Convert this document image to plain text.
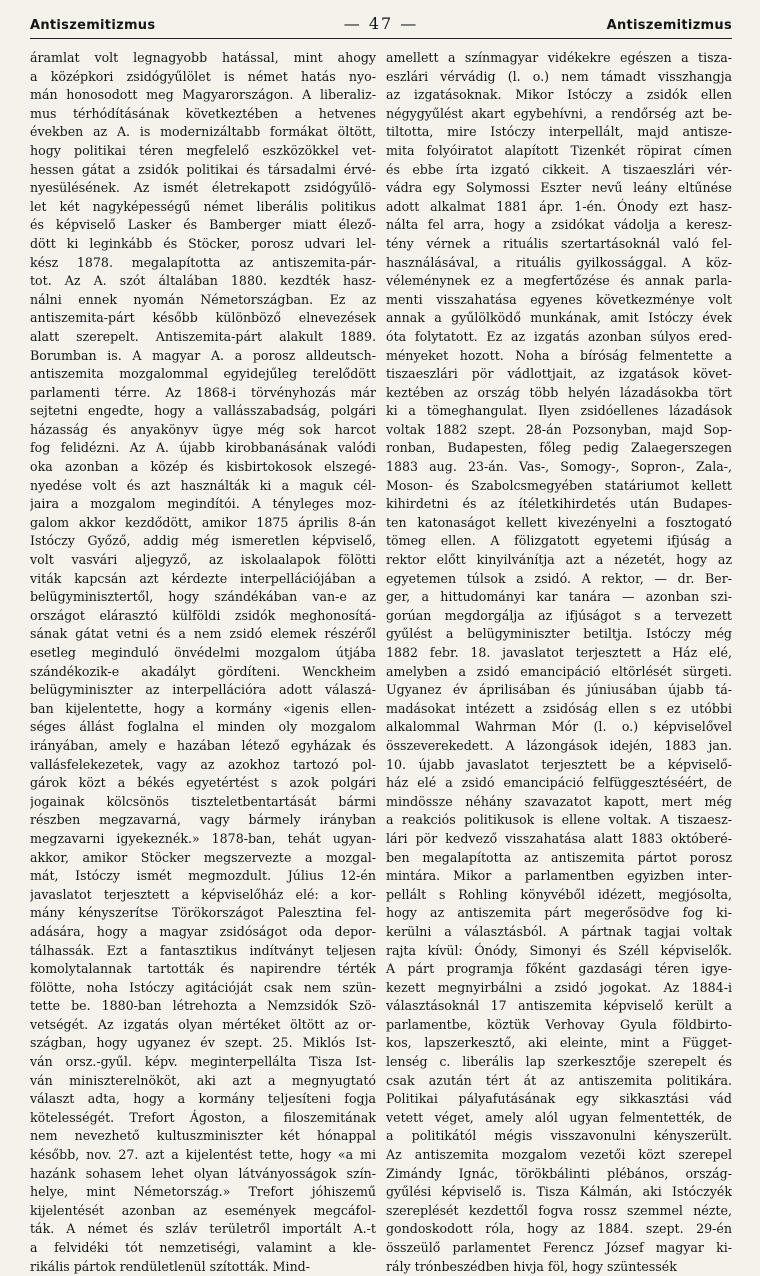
Antiszemitizmus	— 47 —	Antiszemitizmus
áramlat volt legnagyobb hatással, mint ahogy
a középkori zsidógyűlölet is német hatás nyo-
mán honosodott meg Magyarországon. A liberaliz-
mus térhódításának következtében a hetvenes
években az A. is modernizáltabb formákat öltött,
hogy politikai téren megfelelő eszközökkel vet-
hessen gátat a zsidók politikai és társadalmi érvé-
nyesülésének. Az ismét életrekapott zsidógyűlö-
let két nagyképességű német liberális politikus
és képviselő Lasker és Bamberger miatt élező-
dött ki leginkább és Stöcker, porosz udvari lel-
kész 1878. megalapította az antiszemita-pár-
tot. Az A. szót általában 1880. kezdték hasz-
nálni ennek nyomán Németországban. Ez az
antiszemita-párt később különböző elnevezések
alatt szerepelt. Antiszemita-párt alakult 1889.
Borumban is. A magyar A. a porosz alldeutsch-
antiszemita mozgalommal egyidejűleg terelődött
parlamenti térre. Az 1868-i törvényhozás már
sejtetni engedte, hogy a vallásszabadság, polgári
házasság és anyakönyv ügye még sok harcot
fog felidézni. Az A. újabb kirobbanásának valódi
oka azonban a közép és kisbirtokosok elszegé-
nyedése volt és azt használták ki a maguk cél-
jaira a mozgalom megindítói. A tényleges moz-
galom akkor kezdődött, amikor 1875 április 8-án
Istóczy Győző, addig még ismeretlen képviselő,
volt vasvári aljegyző, az iskolaalapok fölötti
viták kapcsán azt kérdezte interpellációjában a
belügyminisztertől, hogy szándékában van-e az
országot elárasztó külföldi zsidók meghonosítá-
sának gátat vetni és a nem zsidó elemek részéről
esetleg meginduló önvédelmi mozgalom útjába
szándékozik-e akadályt gördíteni. Wenckheim
belügyminiszter az interpellációra adott válaszá-
ban kijelentette, hogy a kormány «igenis ellen-
séges állást foglalna el minden oly mozgalom
irányában, amely e hazában létező egyházak és
vallásfelekezetek, vagy az azokhoz tartozó pol-
gárok közt a békés egyetértést s azok polgári
jogainak kölcsönös tiszteletbentartását bármi
részben megzavarná, vagy bármely irányban
megzavarni igyekeznék.» 1878-ban, tehát ugyan-
akkor, amikor Stöcker megszervezte a mozgal-
mát, Istóczy ismét megmozdult. Július 12-én
javaslatot terjesztett a képviselőház elé: a kor-
mány kényszerítse Törökországot Palesztina fel-
adására, hogy a magyar zsidóságot oda depor-
tálhassák. Ezt a fantasztikus indítványt teljesen
komolytalannak tartották és napirendre térték
fölötte, noha Istóczy agitációját csak nem szün-
tette be. 1880-ban létrehozta a Nemzsidók Szö-
vetségét. Az izgatás olyan mértéket öltött az or-
szágban, hogy ugyanez év szept. 25. Miklós Ist-
ván orsz.-gyűl. képv. meginterpellálta Tisza Ist-
ván miniszterelnököt, aki azt a megnyugtató
választ adta, hogy a kormány teljesíteni fogja
kötelességét. Trefort Ágoston, a filoszemitának
nem nevezhető kultuszminiszter két hónappal
később, nov. 27. azt a kijelentést tette, hogy «a mi
hazánk sohasem lehet olyan látványosságok szín-
helye, mint Németország.» Trefort jóhiszemű
kijelentését azonban az események megcáfol-
ták. A német és szláv területről importált A.-t
a felvidéki tót nemzetiségi, valamint a kle-
rikális pártok rendületlenül szították. Mind-
amellett a színmagyar vidékekre egészen a tisza-
eszlári vérvádig (l. o.) nem támadt visszhangja
az izgatásoknak. Mikor Istóczy a zsidók ellen
négygyűlést akart egybehívni, a rendőrség azt be-
tiltotta, mire Istóczy interpellált, majd antisze-
mita folyóiratot alapított Tizenkét röpirat címen
és ebbe írta izgató cikkeit. A tiszaeszlári vér-
vádra egy Solymossi Eszter nevű leány eltűnése
adott alkalmat 1881 ápr. 1-én. Ónody ezt hasz-
nálta fel arra, hogy a zsidókat vádolja a keresz-
tény vérnek a rituális szertartásoknál való fel-
használásával, a rituális gyilkossággal. A köz-
véleménynek ez a megfertőzése és annak parla-
menti visszahatása egyenes következménye volt
annak a gyűlölködő munkának, amit Istóczy évek
óta folytatott. Ez az izgatás azonban súlyos ered-
ményeket hozott. Noha a bíróság felmentette a
tiszaeszlári pör vádlottjait, az izgatások követ-
keztében az ország több helyén lázadásokba tört
ki a tömeghangulat. Ilyen zsidóellenes lázadások
voltak 1882 szept. 28-án Pozsonyban, majd Sop-
ronban, Budapesten, főleg pedig Zalaegerszegen
1883 aug. 23-án. Vas-, Somogy-, Sopron-, Zala-,
Moson- és Szabolcsmegyében statáriumot kellett
kihirdetni és az ítéletkihirdetés után Budapes-
ten katonaságot kellett kivezényelni a fosztogató
tömeg ellen. A fölizgatott egyetemi ifjúság a
rektor előtt kinyilvánítja azt a nézetét, hogy az
egyetemen túlsok a zsidó. A rektor, — dr. Ber-
ger, a hittudományi kar tanára — azonban szi-
gorúan megdorgálja az ifjúságot s a tervezett
gyűlést a belügyminiszter betiltja. Istóczy még
1882 febr. 18. javaslatot terjesztett a Ház elé,
amelyben a zsidó emancipáció eltörlését sürgeti.
Ugyanez év áprilisában és júniusában újabb tá-
madásokat intézett a zsidóság ellen s ez utóbbi
alkalommal Wahrman Mór (l. o.) képviselővel
összeverekedett. A lázongások idején, 1883 jan.
10. újabb javaslatot terjesztett be a képviselő-
ház elé a zsidó emancipáció felfüggesztéséért, de
mindössze néhány szavazatot kapott, mert még
a reakciós politikusok is ellene voltak. A tiszaesz-
lári pör kedvező visszahatása alatt 1883 októberé-
ben megalapította az antiszemita pártot porosz
mintára. Mikor a parlamentben egyizben inter-
pellált s Rohling könyvéből idézett, megjósolta,
hogy az antiszemita párt megerősödve fog ki-
kerülni a választásból. A pártnak tagjai voltak
rajta kívül: Ónódy, Simonyi és Széll képviselők.
A párt programja főként gazdasági téren igye-
kezett megnyirbálni a zsidó jogokat. Az 1884-i
választásoknál 17 antiszemita képviselő került a
parlamentbe, köztük Verhovay Gyula földbirto-
kos, lapszerkesztő, aki eleinte, mint a Függet-
lenség c. liberális lap szerkesztője szerepelt és
csak azután tért át az antiszemita politikára.
Politikai pályafutásának egy sikkasztási vád
vetett véget, amely alól ugyan felmentették, de
a politikától mégis visszavonulni kényszerült.
Az antiszemita mozgalom vezetői közt szerepel
Zimándy Ignác, törökbálinti plébános, ország-
gyűlési képviselő is. Tisza Kálmán, aki Istóczyék
szereplését kezdettől fogva rossz szemmel nézte,
gondoskodott róla, hogy az 1884. szept. 29-én
összeülő parlamentet Ferencz József magyar ki-
rály trónbeszédben hivja föl, hogy szüntessék
